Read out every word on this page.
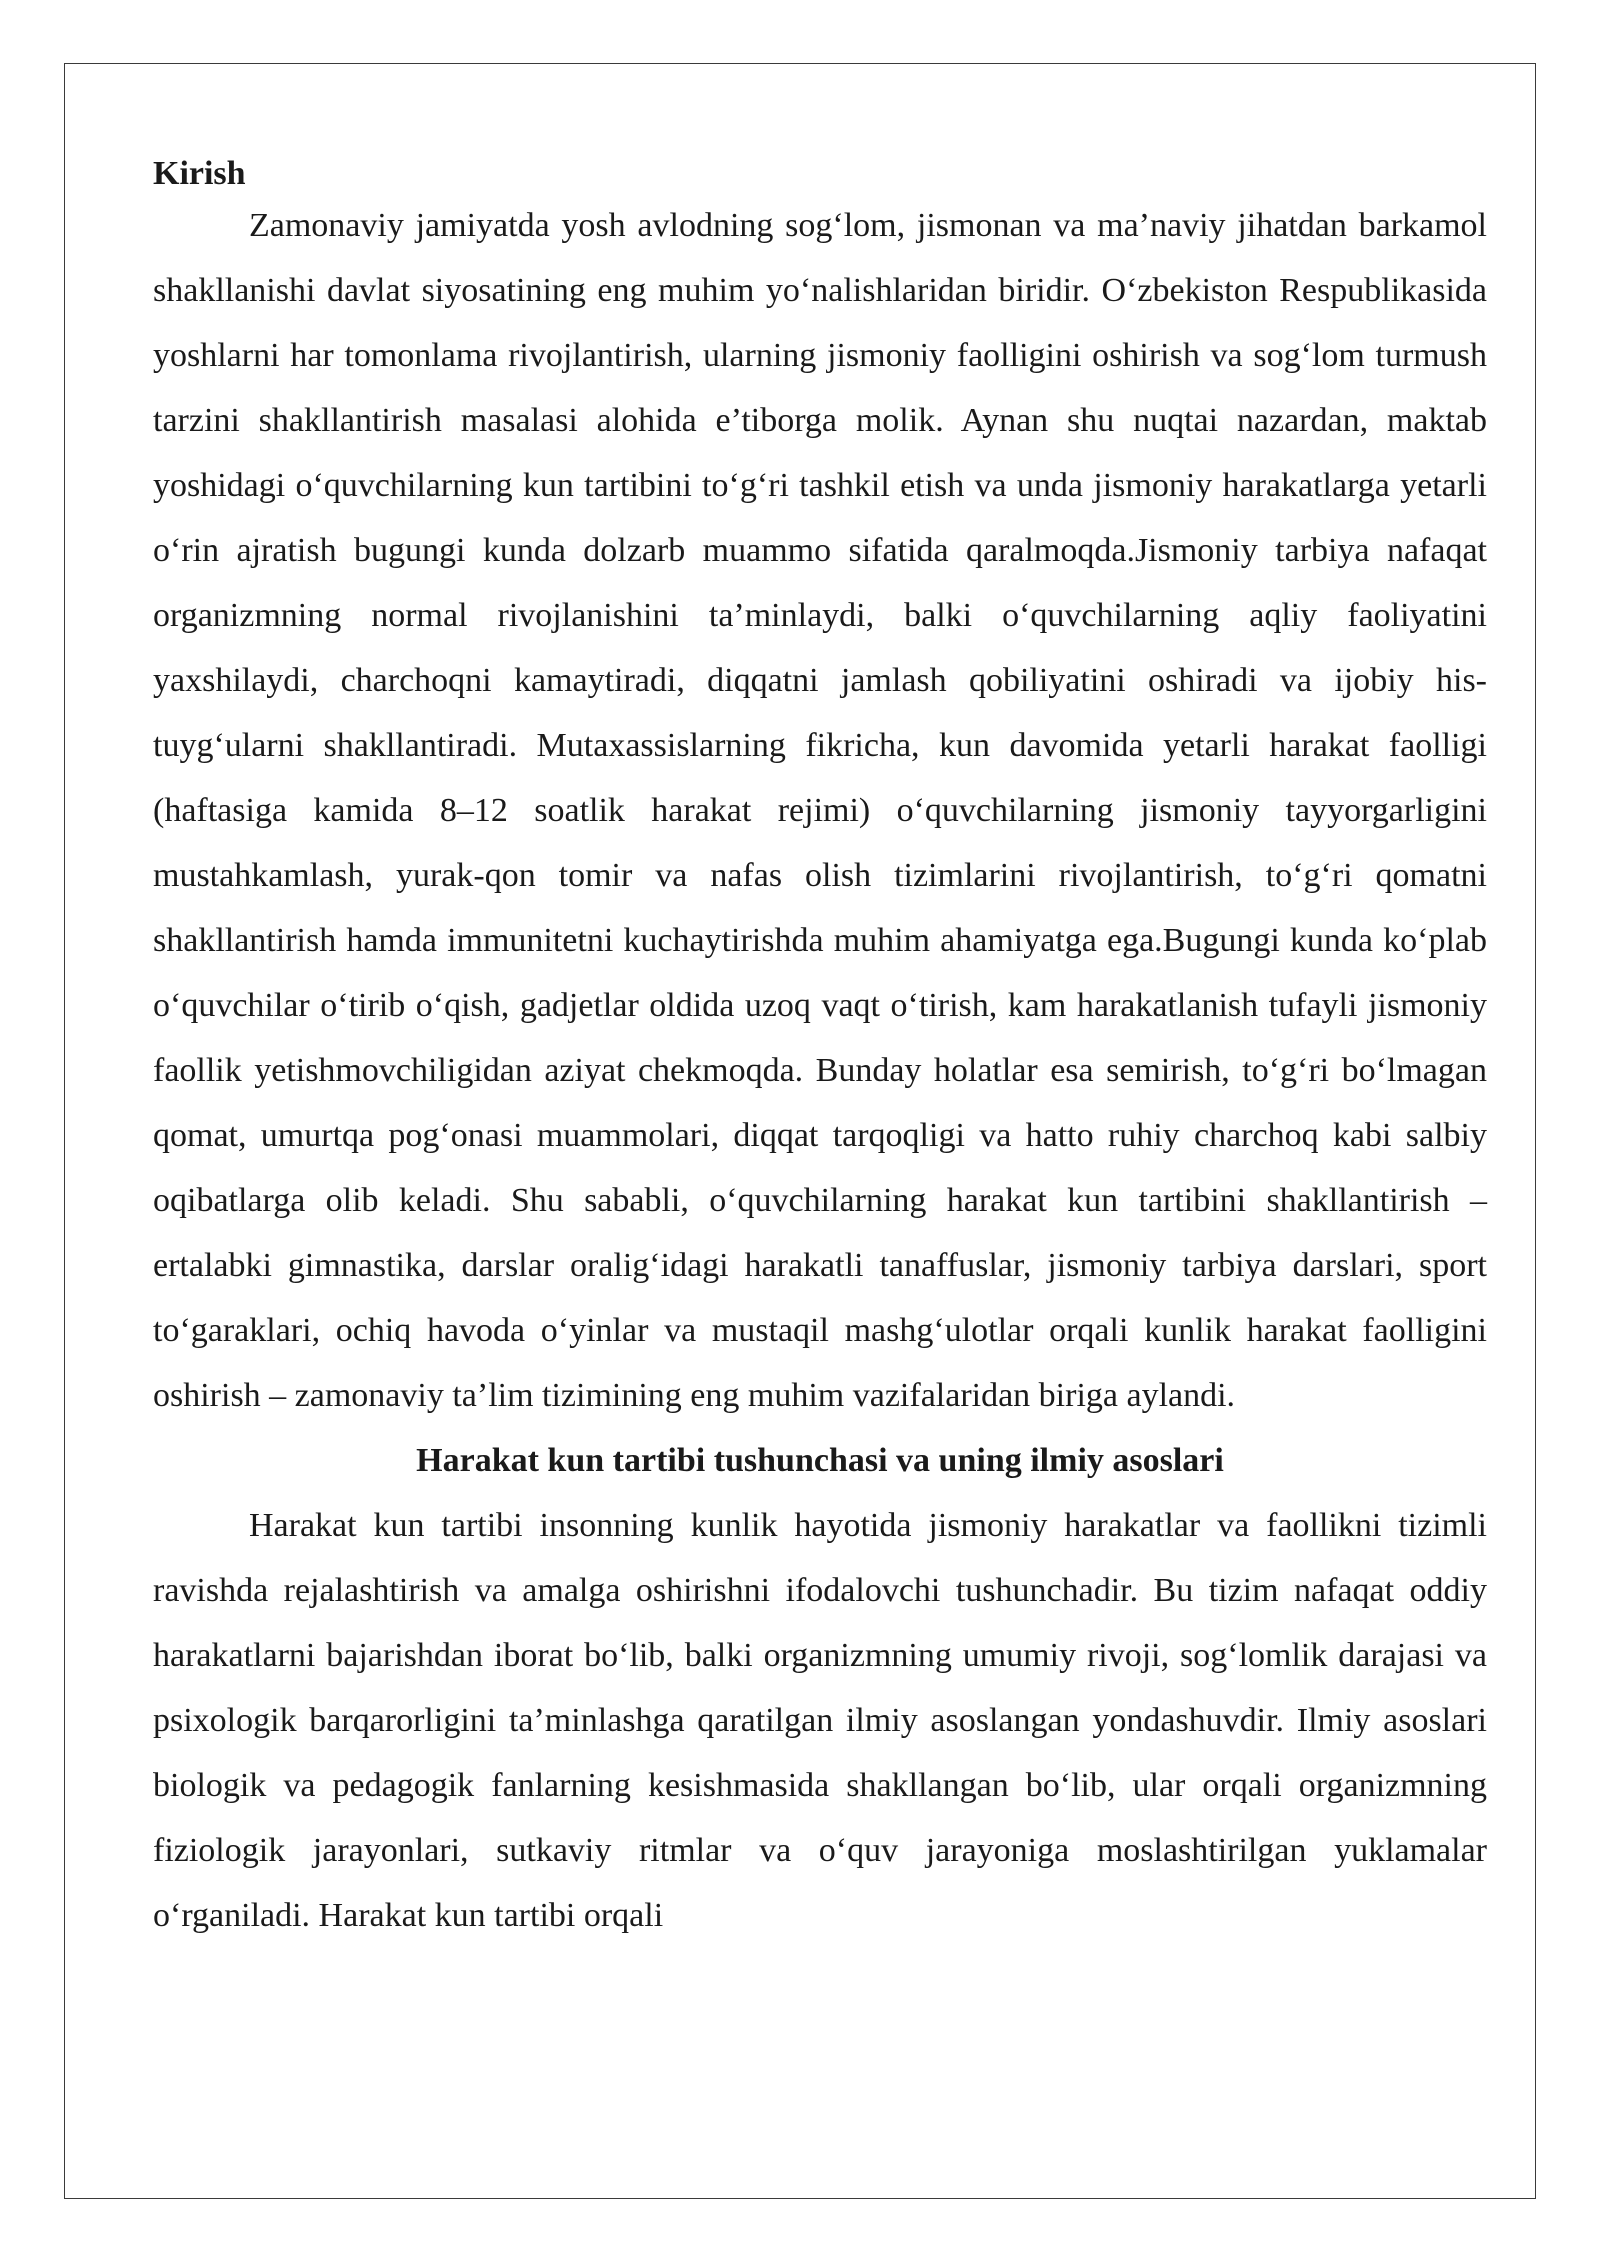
Kirish

Zamonaviy jamiyatda yosh avlodning sog‘lom, jismonan va ma’naviy jihatdan barkamol shakllanishi davlat siyosatining eng muhim yo‘nalishlaridan biridir. O‘zbekiston Respublikasida yoshlarni har tomonlama rivojlantirish, ularning jismoniy faolligini oshirish va sog‘lom turmush tarzini shakllantirish masalasi alohida e’tiborga molik. Aynan shu nuqtai nazardan, maktab yoshidagi o‘quvchilarning kun tartibini to‘g‘ri tashkil etish va unda jismoniy harakatlarga yetarli o‘rin ajratish bugungi kunda dolzarb muammo sifatida qaralmoqda.Jismoniy tarbiya nafaqat organizmning normal rivojlanishini ta’minlaydi, balki o‘quvchilarning aqliy faoliyatini yaxshilaydi, charchoqni kamaytiradi, diqqatni jamlash qobiliyatini oshiradi va ijobiy his-tuyg‘ularni shakllantiradi. Mutaxassislarning fikricha, kun davomida yetarli harakat faolligi (haftasiga kamida 8–12 soatlik harakat rejimi) o‘quvchilarning jismoniy tayyorgarligini mustahkamlash, yurak-qon tomir va nafas olish tizimlarini rivojlantirish, to‘g‘ri qomatni shakllantirish hamda immunitetni kuchaytirishda muhim ahamiyatga ega.Bugungi kunda ko‘plab o‘quvchilar o‘tirib o‘qish, gadjetlar oldida uzoq vaqt o‘tirish, kam harakatlanish tufayli jismoniy faollik yetishmovchiligidan aziyat chekmoqda. Bunday holatlar esa semirish, to‘g‘ri bo‘lmagan qomat, umurtqa pog‘onasi muammolari, diqqat tarqoqligi va hatto ruhiy charchoq kabi salbiy oqibatlarga olib keladi. Shu sababli, o‘quvchilarning harakat kun tartibini shakllantirish – ertalabki gimnastika, darslar oralig‘idagi harakatli tanaffuslar, jismoniy tarbiya darslari, sport to‘garaklari, ochiq havoda o‘yinlar va mustaqil mashg‘ulotlar orqali kunlik harakat faolligini oshirish – zamonaviy ta’lim tizimining eng muhim vazifalaridan biriga aylandi.

Harakat kun tartibi tushunchasi va uning ilmiy asoslari

Harakat kun tartibi insonning kunlik hayotida jismoniy harakatlar va faollikni tizimli ravishda rejalashtirish va amalga oshirishni ifodalovchi tushunchadir. Bu tizim nafaqat oddiy harakatlarni bajarishdan iborat bo‘lib, balki organizmning umumiy rivoji, sog‘lomlik darajasi va psixologik barqarorligini ta’minlashga qaratilgan ilmiy asoslangan yondashuvdir. Ilmiy asoslari biologik va pedagogik fanlarning kesishmasida shakllangan bo‘lib, ular orqali organizmning fiziologik jarayonlari, sutkaviy ritmlar va o‘quv jarayoniga moslashtirilgan yuklamalar o‘rganiladi. Harakat kun tartibi orqali
